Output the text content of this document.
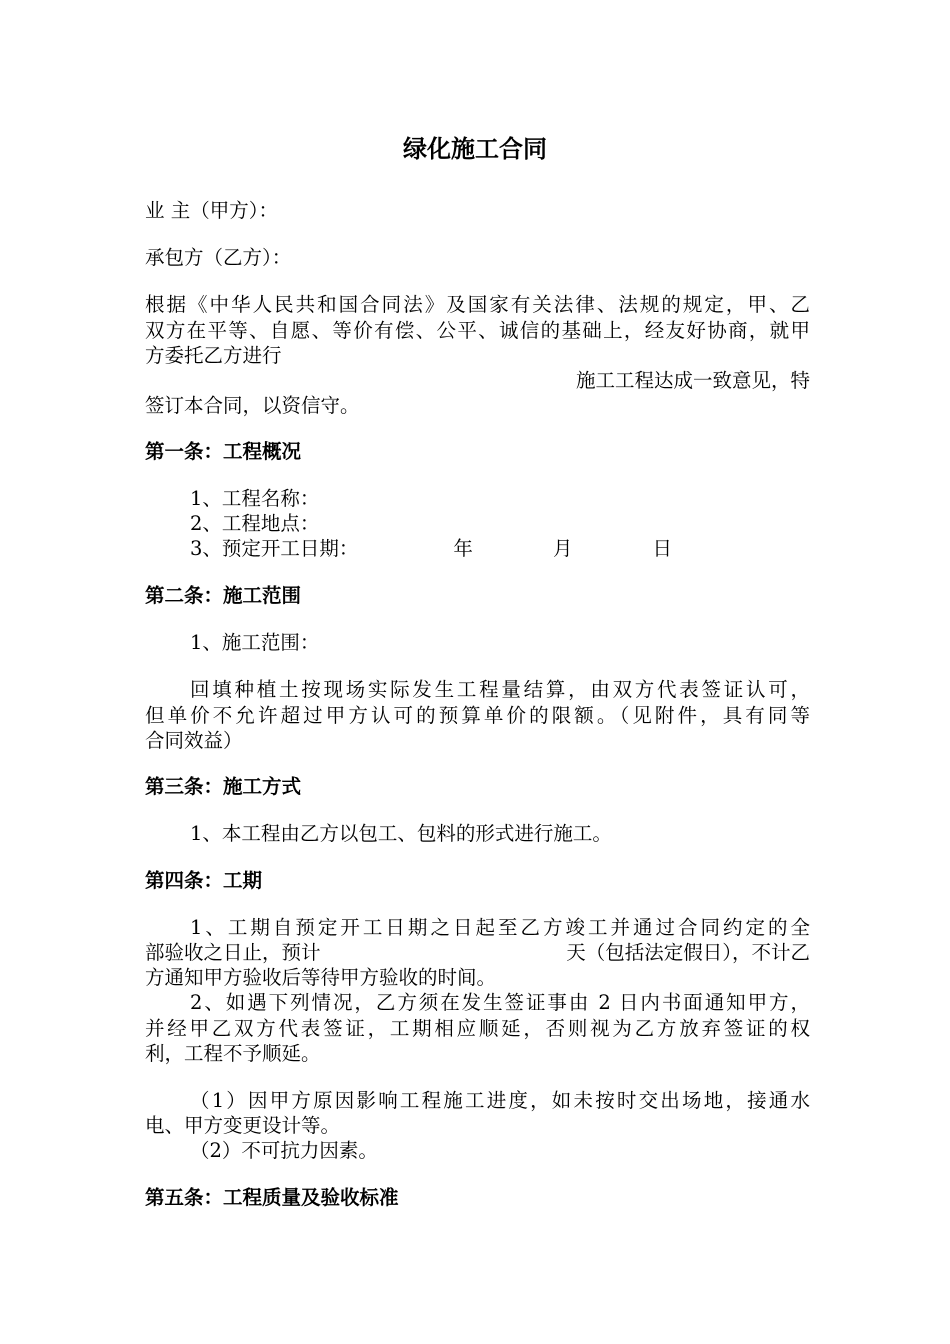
绿化施工合同
业 主（甲方）：
承包方（乙方）：
根据《中华人民共和国合同法》及国家有关法律、法规的规定，甲、乙
双方在平等、自愿、等价有偿、公平、诚信的基础上，经友好协商，就甲
方委托乙方进行
施工工程达成一致意见，特
签订本合同，以资信守。
第一条：工程概况
1、工程名称：
2、工程地点：
3、预定开工日期：	年	月	日
第二条：施工范围
1、施工范围：
回填种植土按现场实际发生工程量结算，由双方代表签证认可，
但单价不允许超过甲方认可的预算单价的限额。（见附件，具有同等
合同效益）
第三条：施工方式
1、本工程由乙方以包工、包料的形式进行施工。
第四条：工期
1、工期自预定开工日期之日起至乙方竣工并通过合同约定的全
部验收之日止，预计	天（包括法定假日），不计乙
方通知甲方验收后等待甲方验收的时间。
2、如遇下列情况，乙方须在发生签证事由 2 日内书面通知甲方，
并经甲乙双方代表签证，工期相应顺延，否则视为乙方放弃签证的权
利，工程不予顺延。
（1）因甲方原因影响工程施工进度，如未按时交出场地，接通水
电、甲方变更设计等。
（2）不可抗力因素。
第五条：工程质量及验收标准
